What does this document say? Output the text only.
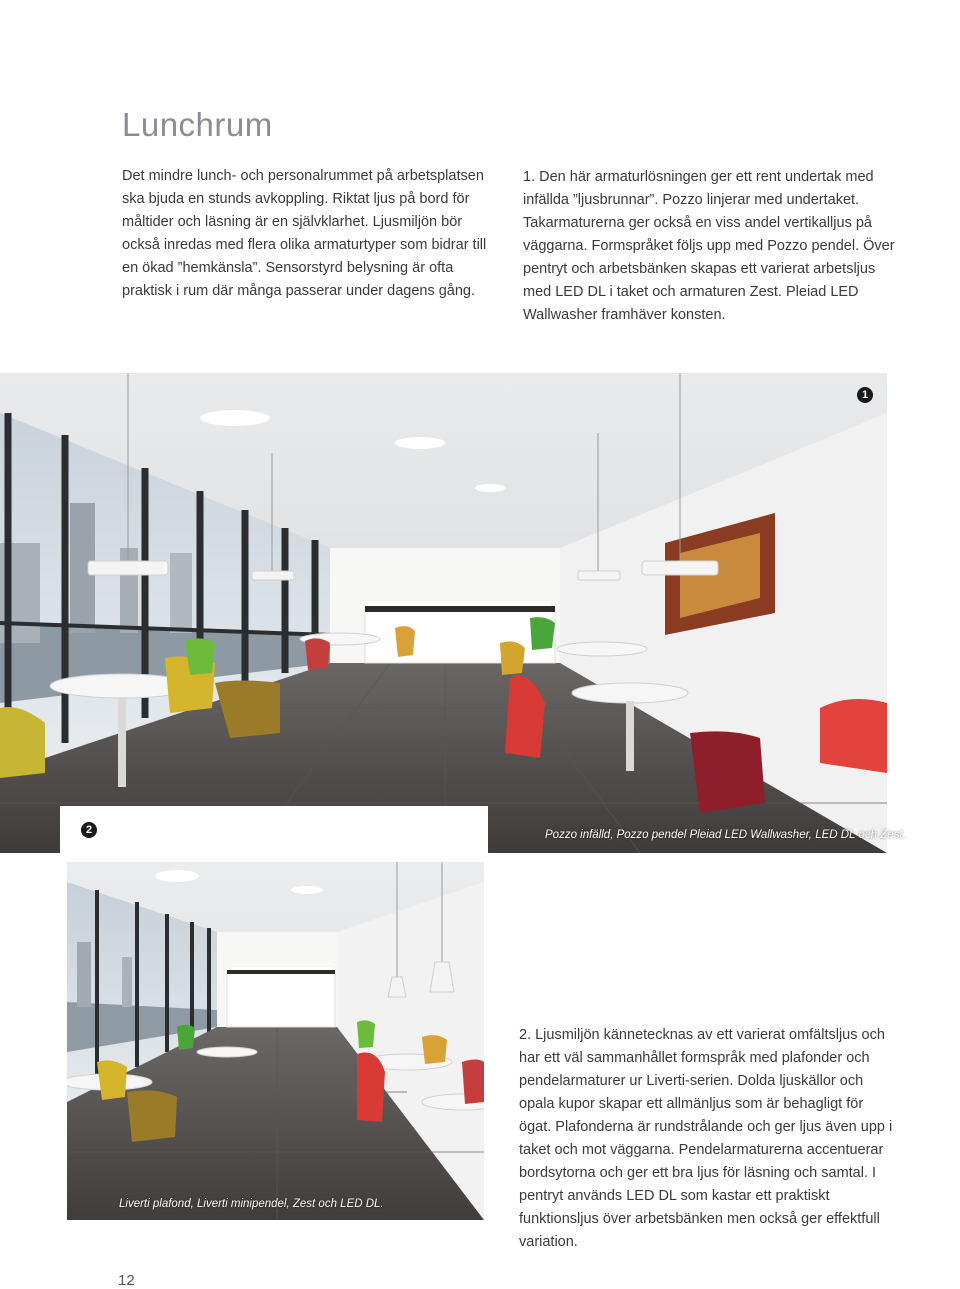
Lunchrum

Det mindre lunch- och personalrummet på arbetsplatsen ska bjuda en stunds avkoppling. Riktat ljus på bord för måltider och läsning är en självklarhet. Ljusmiljön bör också inredas med flera olika armaturtyper som bidrar till en ökad ”hemkänsla”. Sensorstyrd belysning är ofta praktisk i rum där många passerar under dagens gång.

1. Den här armaturlösningen ger ett rent undertak med infällda ”ljusbrunnar”. Pozzo linjerar med undertaket. Takarmaturerna ger också en viss andel vertikalljus på väggarna. Formspråket följs upp med Pozzo pendel. Över pentryt och arbetsbänken skapas ett varierat arbetsljus med LED DL i taket och armaturen Zest. Pleiad LED Wallwasher framhäver konsten.

1
2	Pozzo infälld, Pozzo pendel Pleiad LED Wallwasher, LED DL och Zest.
Liverti plafond, Liverti minipendel, Zest och LED DL.

2. Ljusmiljön kännetecknas av ett varierat omfältsljus och har ett väl sammanhållet formspråk med plafonder och pendelarmaturer ur Liverti-serien. Dolda ljuskällor och opala kupor skapar ett allmänljus som är behagligt för ögat. Plafonderna är rundstrålande och ger ljus även upp i taket och mot väggarna. Pendelarmaturerna accentuerar bordsytorna och ger ett bra ljus för läsning och samtal. I pentryt används LED DL som kastar ett praktiskt funktionsljus över arbetsbänken men också ger effektfull variation.

12
